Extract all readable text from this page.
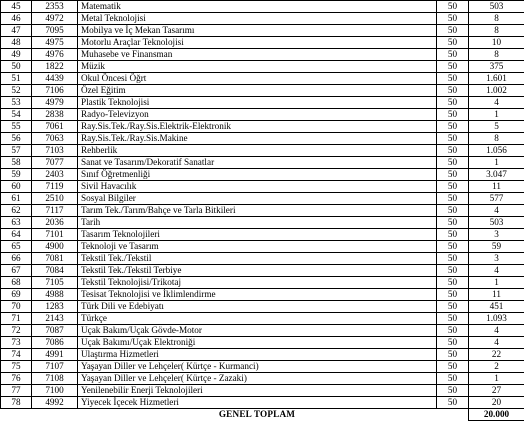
45	2353	Matematik	50	503
46	4972	Metal Teknolojisi	50	8
47	7095	Mobilya ve İç Mekan Tasarımı	50	8
48	4975	Motorlu Araçlar Teknolojisi	50	10
49	4976	Muhasebe ve Finansman	50	8
50	1822	Müzik	50	375
51	4439	Okul Öncesi Öğrt	50	1.601
52	7106	Özel Eğitim	50	1.002
53	4979	Plastik Teknolojisi	50	4
54	2838	Radyo-Televizyon	50	1
55	7061	Ray.Sis.Tek./Ray.Sis.Elektrik-Elektronik	50	5
56	7063	Ray.Sis.Tek./Ray.Sis.Makine	50	8
57	7103	Rehberlik	50	1.056
58	7077	Sanat ve Tasarım/Dekoratif Sanatlar	50	1
59	2403	Sınıf Öğretmenliği	50	3.047
60	7119	Sivil Havacılık	50	11
61	2510	Sosyal Bilgiler	50	577
62	7117	Tarım Tek./Tarım/Bahçe ve Tarla Bitkileri	50	4
63	2036	Tarih	50	503
64	7101	Tasarım Teknolojileri	50	3
65	4900	Teknoloji ve Tasarım	50	59
66	7081	Tekstil Tek./Tekstil	50	3
67	7084	Tekstil Tek./Tekstil Terbiye	50	4
68	7105	Tekstil Teknolojisi/Trikotaj	50	1
69	4988	Tesisat Teknolojisi ve İklimlendirme	50	11
70	1283	Türk Dili ve Edebiyatı	50	451
71	2143	Türkçe	50	1.093
72	7087	Uçak Bakım/Uçak Gövde-Motor	50	4
73	7086	Uçak Bakımı/Uçak Elektroniği	50	4
74	4991	Ulaştırma Hizmetleri	50	22
75	7107	Yaşayan Diller ve Lehçeler( Kürtçe - Kurmanci)	50	2
76	7108	Yaşayan Diller ve Lehçeler( Kürtçe - Zazaki)	50	1
77	7100	Yenilenebilir Enerji Teknolojileri	50	27
78	4992	Yiyecek İçecek Hizmetleri	50	20
		GENEL TOPLAM		20.000
